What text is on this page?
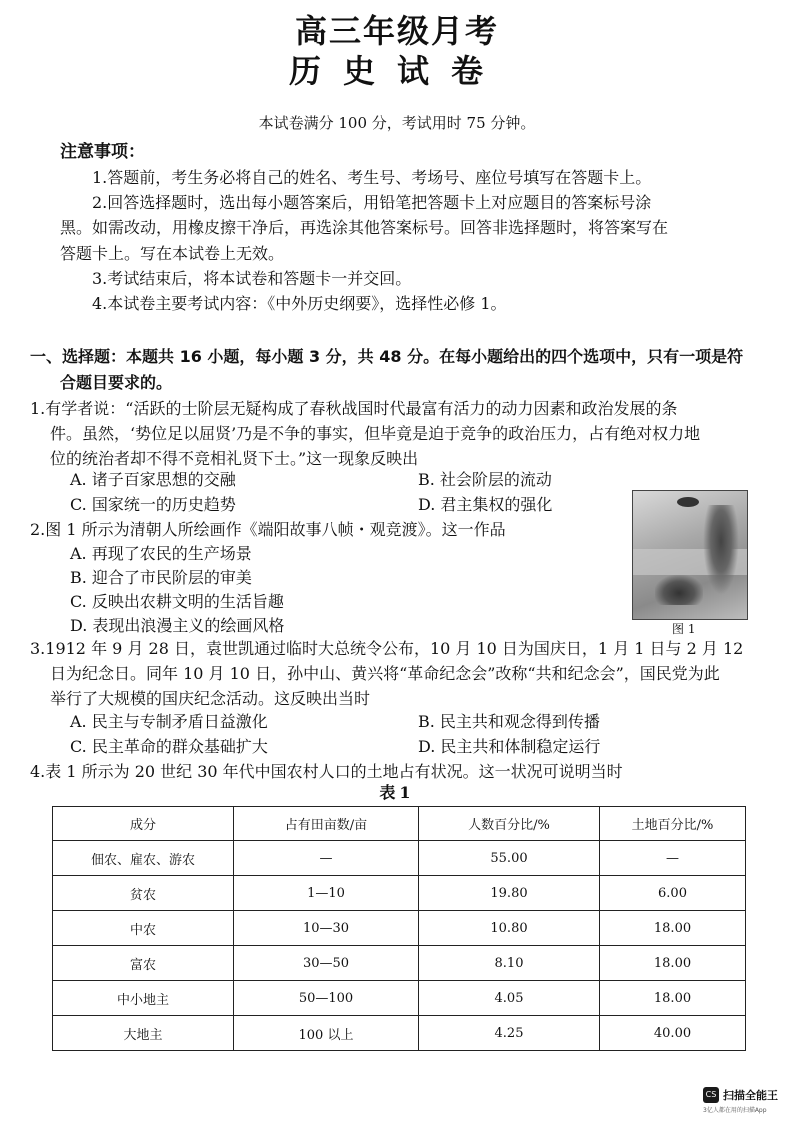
高三年级月考
历史试卷
本试卷满分 100 分，考试用时 75 分钟。
注意事项：
1.答题前，考生务必将自己的姓名、考生号、考场号、座位号填写在答题卡上。
2.回答选择题时，选出每小题答案后，用铅笔把答题卡上对应题目的答案标号涂
黑。如需改动，用橡皮擦干净后，再选涂其他答案标号。回答非选择题时，将答案写在
答题卡上。写在本试卷上无效。
3.考试结束后，将本试卷和答题卡一并交回。
4.本试卷主要考试内容：《中外历史纲要》，选择性必修 1。
一、选择题：本题共 16 小题，每小题 3 分，共 48 分。在每小题给出的四个选项中，只有一项是符
合题目要求的。
1.有学者说：“活跃的士阶层无疑构成了春秋战国时代最富有活力的动力因素和政治发展的条
件。虽然，‘势位足以屈贤’乃是不争的事实，但毕竟是迫于竞争的政治压力，占有绝对权力地
位的统治者却不得不竞相礼贤下士。”这一现象反映出
A. 诸子百家思想的交融	B. 社会阶层的流动
C. 国家统一的历史趋势	D. 君主集权的强化
2.图 1 所示为清朝人所绘画作《端阳故事八帧・观竞渡》。这一作品
A. 再现了农民的生产场景
B. 迎合了市民阶层的审美
C. 反映出农耕文明的生活旨趣
D. 表现出浪漫主义的绘画风格	图 1
3.1912 年 9 月 28 日，袁世凯通过临时大总统令公布，10 月 10 日为国庆日，1 月 1 日与 2 月 12
日为纪念日。同年 10 月 10 日，孙中山、黄兴将“革命纪念会”改称“共和纪念会”，国民党为此
举行了大规模的国庆纪念活动。这反映出当时
A. 民主与专制矛盾日益激化	B. 民主共和观念得到传播
C. 民主革命的群众基础扩大	D. 民主共和体制稳定运行
4.表 1 所示为 20 世纪 30 年代中国农村人口的土地占有状况。这一状况可说明当时
表1
成分	占有田亩数/亩	人数百分比/%	土地百分比/%
佃农、雇农、游农	—	55.00	—
贫农	1—10	19.80	6.00
中农	10—30	10.80	18.00
富农	30—50	8.10	18.00
中小地主	50—100	4.05	18.00
大地主	100 以上	4.25	40.00
CS 扫描全能王
3亿人都在用的扫描App
